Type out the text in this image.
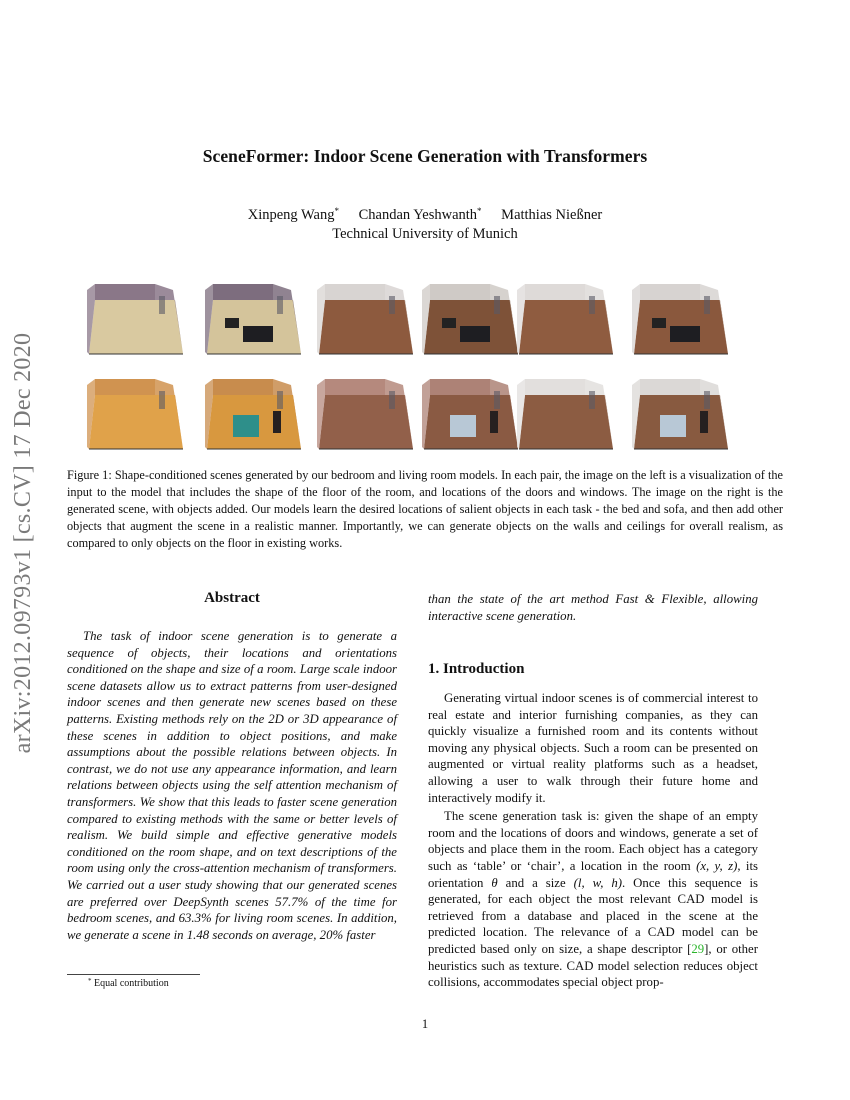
arXiv:2012.09793v1 [cs.CV] 17 Dec 2020
SceneFormer: Indoor Scene Generation with Transformers
Xinpeng Wang* Chandan Yeshwanth* Matthias Nießner
Technical University of Munich
Figure 1: Shape-conditioned scenes generated by our bedroom and living room models. In each pair, the image on the left is a visualization of the input to the model that includes the shape of the floor of the room, and locations of the doors and windows. The image on the right is the generated scene, with objects added. Our models learn the desired locations of salient objects in each task - the bed and sofa, and then add other objects that augment the scene in a realistic manner. Importantly, we can generate objects on the walls and ceilings for overall realism, as compared to only objects on the floor in existing works.
Abstract

The task of indoor scene generation is to generate a sequence of objects, their locations and orientations conditioned on the shape and size of a room. Large scale indoor scene datasets allow us to extract patterns from user-designed indoor scenes and then generate new scenes based on these patterns. Existing methods rely on the 2D or 3D appearance of these scenes in addition to object positions, and make assumptions about the possible relations between objects. In contrast, we do not use any appearance information, and learn relations between objects using the self attention mechanism of transformers. We show that this leads to faster scene generation compared to existing methods with the same or better levels of realism. We build simple and effective generative models conditioned on the room shape, and on text descriptions of the room using only the cross-attention mechanism of transformers. We carried out a user study showing that our generated scenes are preferred over DeepSynth scenes 57.7% of the time for bedroom scenes, and 63.3% for living room scenes. In addition, we generate a scene in 1.48 seconds on average, 20% faster

* Equal contribution

than the state of the art method Fast & Flexible, allowing interactive scene generation.

1. Introduction

Generating virtual indoor scenes is of commercial interest to real estate and interior furnishing companies, as they can quickly visualize a furnished room and its contents without moving any physical objects. Such a room can be presented on augmented or virtual reality platforms such as a headset, allowing a user to walk through their future home and interactively modify it.

The scene generation task is: given the shape of an empty room and the locations of doors and windows, generate a set of objects and place them in the room. Each object has a category such as ‘table’ or ‘chair’, a location in the room (x, y, z), its orientation θ and a size (l, w, h). Once this sequence is generated, for each object the most relevant CAD model is retrieved from a database and placed in the scene at the predicted location. The relevance of a CAD model can be predicted based only on size, a shape descriptor [29], or other heuristics such as texture. CAD model selection reduces object collisions, accommodates special object prop-

1
